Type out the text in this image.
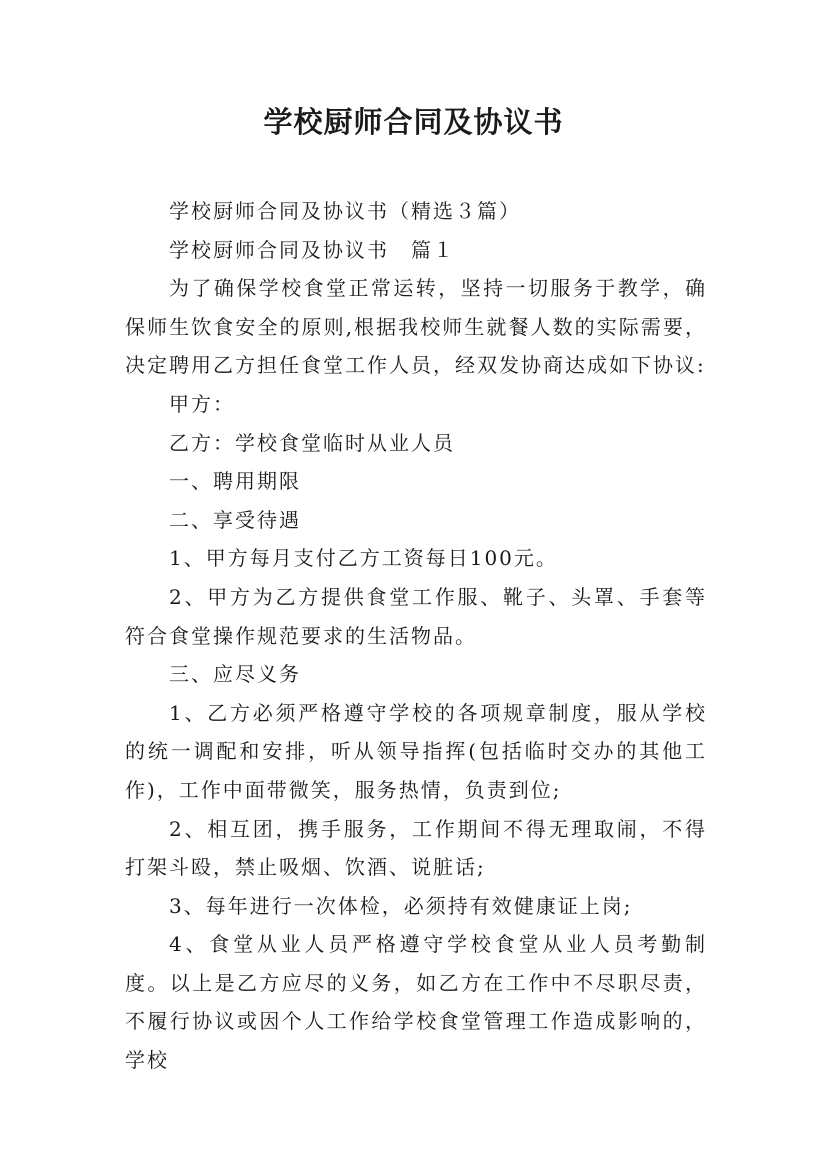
学校厨师合同及协议书

学校厨师合同及协议书（精选３篇）

学校厨师合同及协议书　篇１

为了确保学校食堂正常运转，坚持一切服务于教学，确保师生饮食安全的原则,根据我校师生就餐人数的实际需要，决定聘用乙方担任食堂工作人员，经双发协商达成如下协议:

甲方：

乙方：学校食堂临时从业人员

一、聘用期限

二、享受待遇

1、甲方每月支付乙方工资每日100元。

2、甲方为乙方提供食堂工作服、靴子、头罩、手套等符合食堂操作规范要求的生活物品。

三、应尽义务

1、乙方必须严格遵守学校的各项规章制度，服从学校的统一调配和安排，听从领导指挥(包括临时交办的其他工作)，工作中面带微笑，服务热情，负责到位;

2、相互团，携手服务，工作期间不得无理取闹，不得打架斗殴，禁止吸烟、饮酒、说脏话;

3、每年进行一次体检，必须持有效健康证上岗;

4、食堂从业人员严格遵守学校食堂从业人员考勤制度。以上是乙方应尽的义务，如乙方在工作中不尽职尽责，不履行协议或因个人工作给学校食堂管理工作造成影响的，学校
